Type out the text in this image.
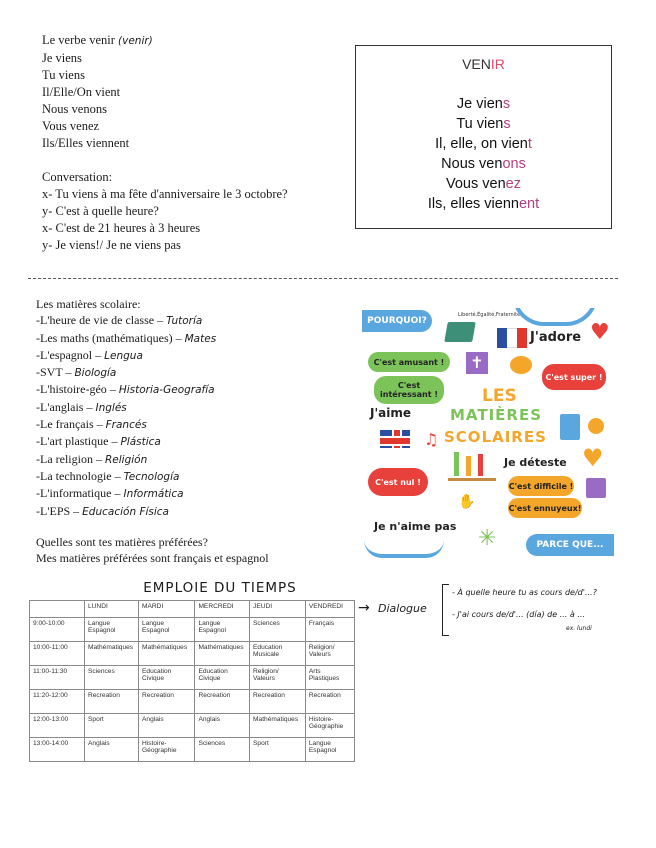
Le verbe venir (venir)
Je viens
Tu viens
Il/Elle/On vient
Nous venons
Vous venez
Ils/Elles viennent
Conversation:
x- Tu viens à ma fête d'anniversaire le 3 octobre?
y- C'est à quelle heure?
x- C'est de 21 heures à 3 heures
y- Je viens!/ Je ne viens pas
VENIR
Je viens
Tu viens
Il, elle, on vient
Nous venons
Vous venez
Ils, elles viennent
Les matières scolaire:
-L'heure de vie de classe – Tutoría
-Les maths (mathématiques) – Mates
-L'espagnol – Lengua
-SVT – Biología
-L'histoire-géo – Historia-Geografía
-L'anglais – Inglés
-Le français – Francés
-L'art plastique – Plástica
-La religion – Religión
-La technologie – Tecnología
-L'informatique – Informática
-L'EPS – Educación Física
Quelles sont tes matières préférées?
Mes matières préférées sont français et espagnol
POURQUOI?
Liberté,Égalité,Fraternité
J'adore ♥
C'est amusant !
C'est intéressant !
✝
C'est super !
LES
MATIÈRES
SCOLAIRES
J'aime
♫
Je déteste ♥
C'est nul !	C'est difficile !
C'est ennuyeux!
✋
Je n'aime pas ✳	PARCE QUE...
EMPLOIE DU TIEMPS
	LUNDI	MARDI	MERCREDI	JEUDI	VENDREDI
9:00-10:00	Langue Espagnol	Langue Espagnol	Langue Espagnol	Sciences	Français
10:00-11:00	Mathématiques	Mathématiques	Mathématiques	Education Musicale	Religion/ Valeurs
11:00-11:30	Sciences	Education Civique	Education Civique	Religion/ Valeurs	Arts Plastiques
11:20-12:00	Recreation	Recreation	Recreation	Recreation	Recreation
12:00-13:00	Sport	Anglais	Anglais	Mathématiques	Histoire-Géographie
13:00-14:00	Anglais	Histoire-Géographie	Sciences	Sport	Langue Espagnol
→ Dialogue
- À quelle heure tu as cours de/d'...?
- J'ai cours de/d'... (día) de ... à ...
ex. lundi
